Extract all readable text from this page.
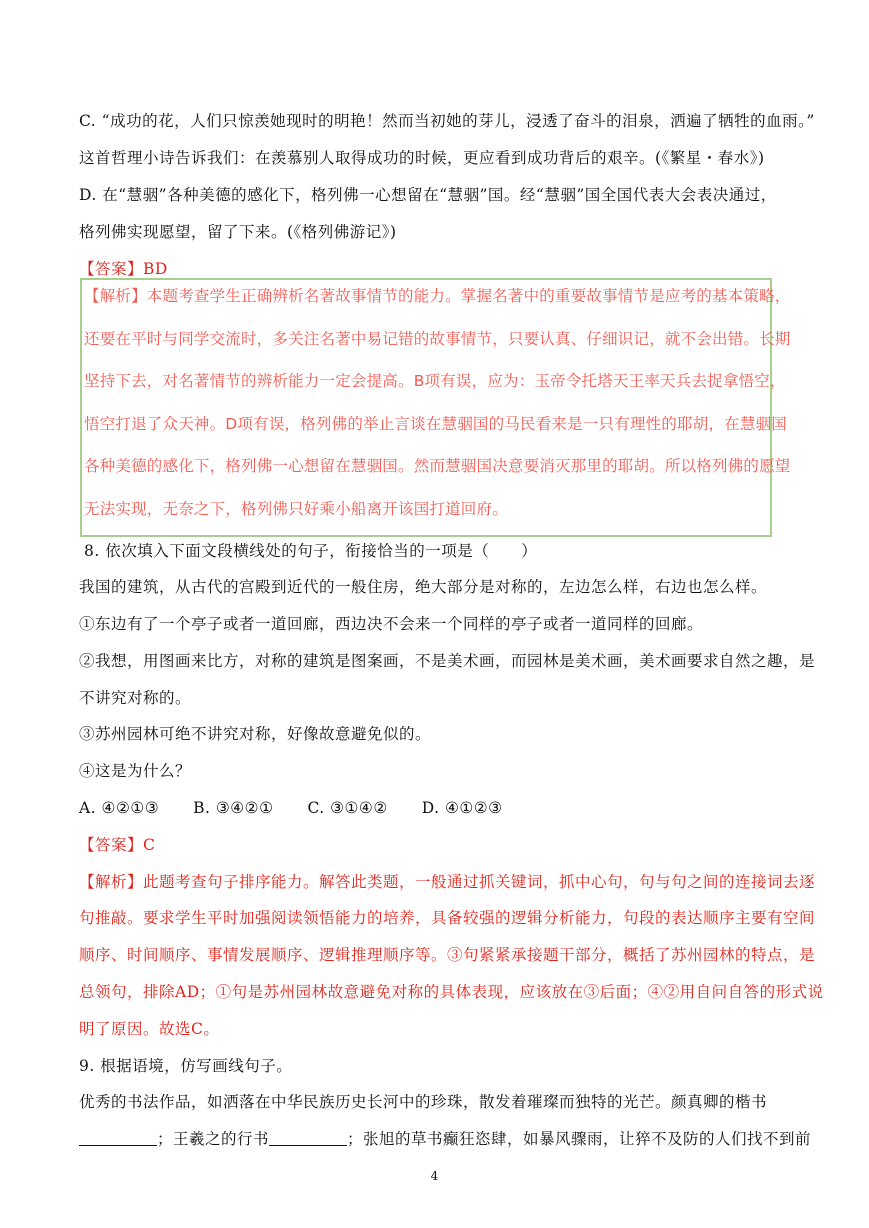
C. “成功的花，人们只惊羡她现时的明艳！然而当初她的芽儿，浸透了奋斗的泪泉，洒遍了牺牲的血雨。”
这首哲理小诗告诉我们：在羡慕别人取得成功的时候，更应看到成功背后的艰辛。(《繁星・春水》)
D. 在“慧骃”各种美德的感化下，格列佛一心想留在“慧骃”国。经“慧骃”国全国代表大会表决通过，
格列佛实现愿望，留了下来。(《格列佛游记》)
【答案】BD
【解析】本题考查学生正确辨析名著故事情节的能力。掌握名著中的重要故事情节是应考的基本策略，
还要在平时与同学交流时，多关注名著中易记错的故事情节，只要认真、仔细识记，就不会出错。长期
坚持下去，对名著情节的辨析能力一定会提高。B项有误，应为：玉帝令托塔天王率天兵去捉拿悟空，
悟空打退了众天神。D项有误，格列佛的举止言谈在慧骃国的马民看来是一只有理性的耶胡，在慧骃国
各种美德的感化下，格列佛一心想留在慧骃国。然而慧骃国决意要消灭那里的耶胡。所以格列佛的愿望
无法实现，无奈之下，格列佛只好乘小船离开该国打道回府。
8. 依次填入下面文段横线处的句子，衔接恰当的一项是（　　）
我国的建筑，从古代的宫殿到近代的一般住房，绝大部分是对称的，左边怎么样，右边也怎么样。
①东边有了一个亭子或者一道回廊，西边决不会来一个同样的亭子或者一道同样的回廊。
②我想，用图画来比方，对称的建筑是图案画，不是美术画，而园林是美术画，美术画要求自然之趣，是
不讲究对称的。
③苏州园林可绝不讲究对称，好像故意避免似的。
④这是为什么？
A. ④②①③ B. ③④②① C. ③①④② D. ④①②③
【答案】C
【解析】此题考查句子排序能力。解答此类题，一般通过抓关键词，抓中心句，句与句之间的连接词去逐
句推敲。要求学生平时加强阅读领悟能力的培养，具备较强的逻辑分析能力，句段的表达顺序主要有空间
顺序、时间顺序、事情发展顺序、逻辑推理顺序等。③句紧紧承接题干部分，概括了苏州园林的特点，是
总领句，排除AD；①句是苏州园林故意避免对称的具体表现，应该放在③后面；④②用自问自答的形式说
明了原因。故选C。
9. 根据语境，仿写画线句子。
优秀的书法作品，如洒落在中华民族历史长河中的珍珠，散发着璀璨而独特的光芒。颜真卿的楷书
；王羲之的行书	；张旭的草书癫狂恣肆，如暴风骤雨，让猝不及防的人们找不到前
4
